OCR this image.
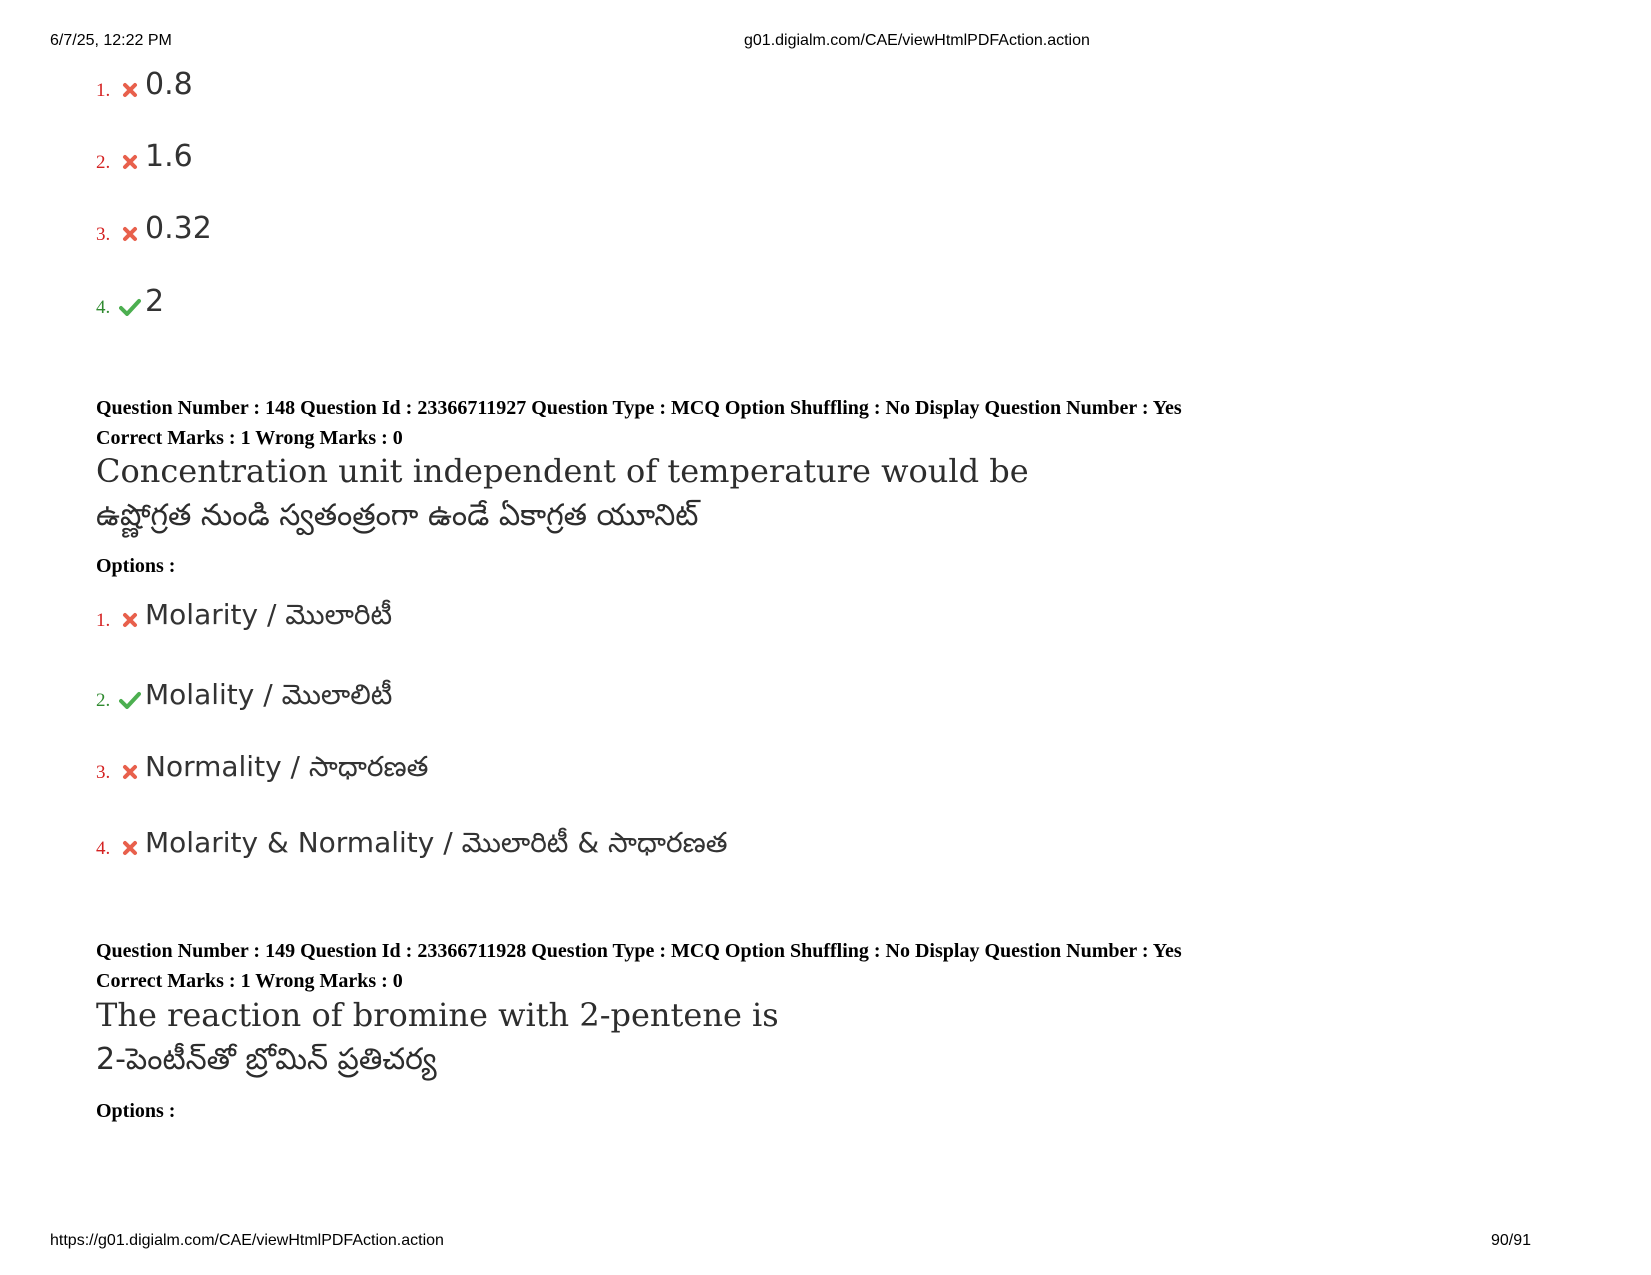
6/7/25, 12:22 PM	g01.digialm.com/CAE/viewHtmlPDFAction.action
1. 0.8
2. 1.6
3. 0.32
4. 2
Question Number : 148 Question Id : 23366711927 Question Type : MCQ Option Shuffling : No Display Question Number : Yes
Correct Marks : 1 Wrong Marks : 0
Concentration unit independent of temperature would be
ఉష్ణోగ్రత నుండి స్వతంత్రంగా ఉండే ఏకాగ్రత యూనిట్
Options :
1. Molarity / మొలారిటీ
2. Molality / మొలాలిటీ
3. Normality / సాధారణత
4. Molarity & Normality / మొలారిటీ & సాధారణత
Question Number : 149 Question Id : 23366711928 Question Type : MCQ Option Shuffling : No Display Question Number : Yes
Correct Marks : 1 Wrong Marks : 0
The reaction of bromine with 2-pentene is
2-పెంటీన్‌తో బ్రోమిన్ ప్రతిచర్య
Options :
https://g01.digialm.com/CAE/viewHtmlPDFAction.action	90/91
